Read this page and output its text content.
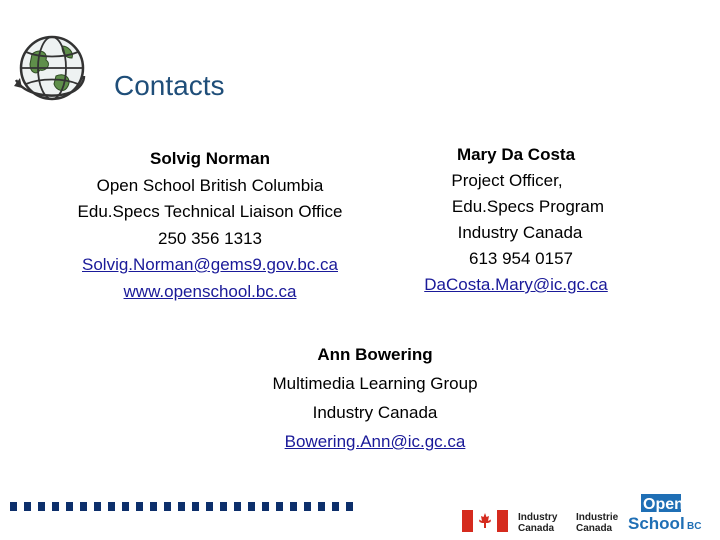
Contacts
Solvig Norman
Open School British Columbia
Edu.Specs Technical Liaison Office
250 356 1313
Solvig.Norman@gems9.gov.bc.ca
www.openschool.bc.ca
Mary Da Costa
Project Officer,
Edu.Specs Program
Industry Canada
613 954 0157
DaCosta.Mary@ic.gc.ca
Ann Bowering
Multimedia Learning Group
Industry Canada
Bowering.Ann@ic.gc.ca
Industry
Canada
Industrie
Canada
Open
School BC
